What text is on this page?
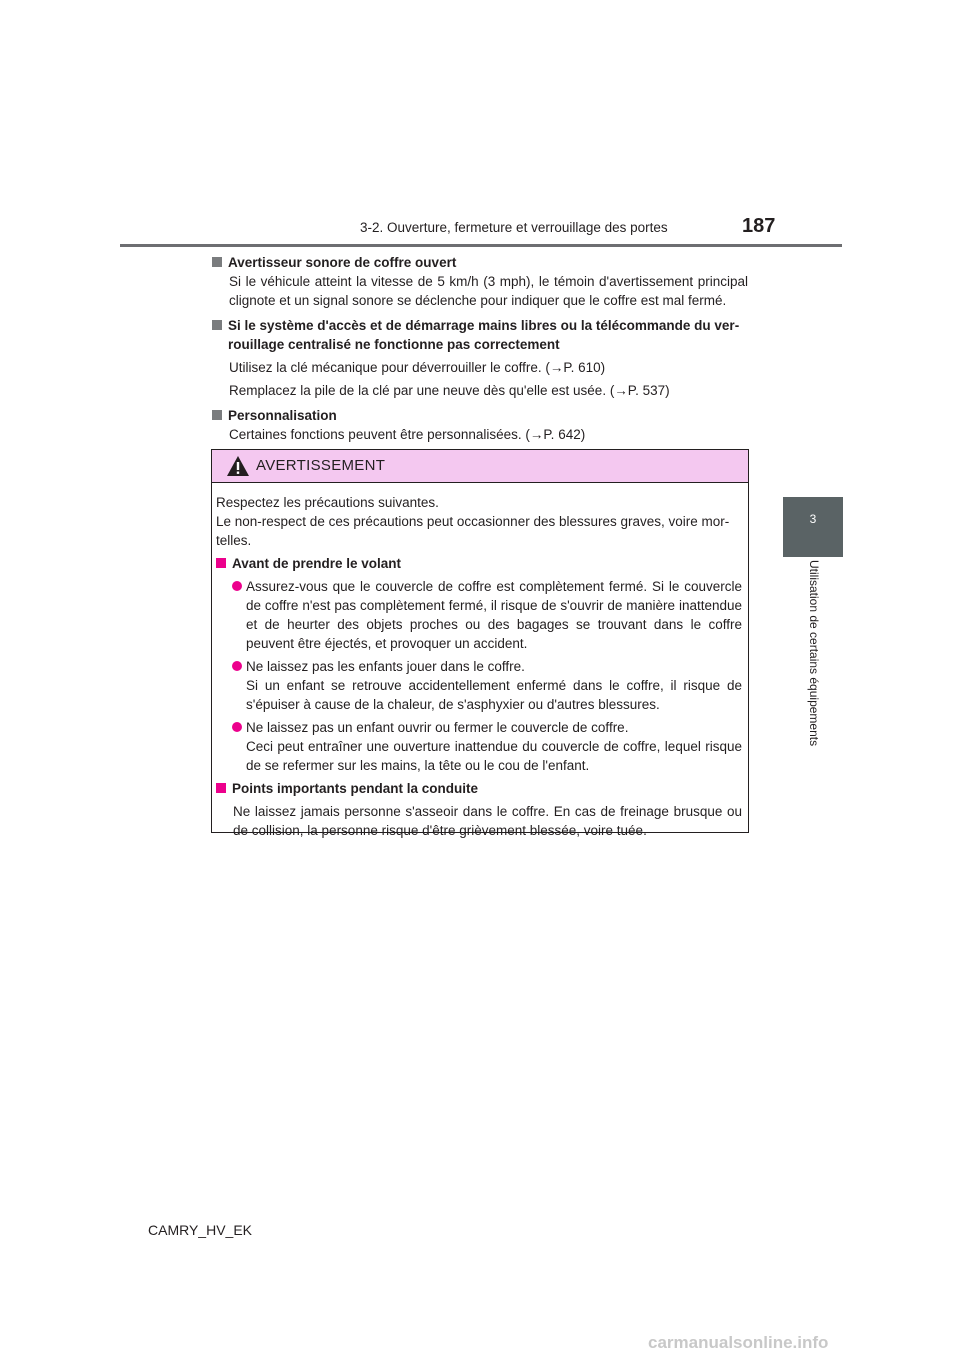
3-2. Ouverture, fermeture et verrouillage des portes	187
3
Utilisation de certains équipements
Avertisseur sonore de coffre ouvert
Si le véhicule atteint la vitesse de 5 km/h (3 mph), le témoin d'avertissement principal clignote et un signal sonore se déclenche pour indiquer que le coffre est mal fermé.
Si le système d'accès et de démarrage mains libres ou la télécommande du verrouillage centralisé ne fonctionne pas correctement
Utilisez la clé mécanique pour déverrouiller le coffre. (→P. 610)
Remplacez la pile de la clé par une neuve dès qu'elle est usée. (→P. 537)
Personnalisation
Certaines fonctions peuvent être personnalisées. (→P. 642)
AVERTISSEMENT
Respectez les précautions suivantes.
Le non-respect de ces précautions peut occasionner des blessures graves, voire mortelles.
Avant de prendre le volant
Assurez-vous que le couvercle de coffre est complètement fermé. Si le couvercle de coffre n'est pas complètement fermé, il risque de s'ouvrir de manière inattendue et de heurter des objets proches ou des bagages se trouvant dans le coffre peuvent être éjectés, et provoquer un accident.
Ne laissez pas les enfants jouer dans le coffre.
Si un enfant se retrouve accidentellement enfermé dans le coffre, il risque de s'épuiser à cause de la chaleur, de s'asphyxier ou d'autres blessures.
Ne laissez pas un enfant ouvrir ou fermer le couvercle de coffre.
Ceci peut entraîner une ouverture inattendue du couvercle de coffre, lequel risque de se refermer sur les mains, la tête ou le cou de l'enfant.
Points importants pendant la conduite
Ne laissez jamais personne s'asseoir dans le coffre. En cas de freinage brusque ou de collision, la personne risque d'être grièvement blessée, voire tuée.
CAMRY_HV_EK
carmanualsonline.info
